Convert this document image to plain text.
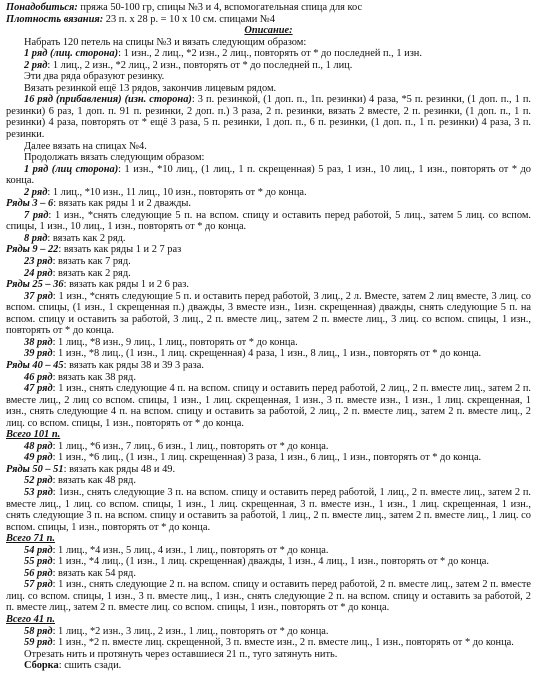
Понадобиться: пряжа 50-100 гр, спицы №3 и 4, вспомогательная спица для кос
Плотность вязания: 23 п. х 28 р. = 10 х 10 см. спицами №4
Описание:
Набрать 120 петель на спицы №3 и вязать следующим образом:
1 ряд (лиц. сторона): 1 изн., 2 лиц., *2 изн., 2 лиц., повторять от * до последней п., 1 изн.
2 ряд: 1 лиц., 2 изн., *2 лиц., 2 изн., повторять от * до последней п., 1 лиц.
Эти два ряда образуют резинку.
Вязать резинкой ещё 13 рядов, закончив лицевым рядом.
16 ряд (прибавления) (изн. сторона): 3 п. резинкой, (1 доп. п., 1п. резинки) 4 раза, *5 п. резинки, (1 доп. п., 1 п. резинки) 6 раз, 1 доп. п. 91 п. резинки, 2 доп. п.) 3 раза, 2 п. резинки, вязать 2 вместе, 2 п. резинки, (1 доп. п., 1 п. резинки) 4 раза, повторять от * ещё 3 раза, 5 п. резинки, 1 доп. п., 6 п. резинки, (1 доп. п., 1 п. резинки) 4 раза, 3 п. резинки.
Далее вязать на спицах №4.
Продолжать вязать следующим образом:
1 ряд (лиц сторона): 1 изн., *10 лиц., (1 лиц., 1 п. скрещенная) 5 раз, 1 изн., 10 лиц., 1 изн., повторять от * до конца.
2 ряд: 1 лиц., *10 изн., 11 лиц., 10 изн., повторять от * до конца.
Ряды 3 – 6: вязать как ряды 1 и 2 дважды.
7 ряд: 1 изн., *снять следующие 5 п. на вспом. спицу и оставить перед работой, 5 лиц., затем 5 лиц. со вспом. спицы, 1 изн., 10 лиц., 1 изн., повторять от * до конца.
8 ряд: вязать как 2 ряд.
Ряды 9 – 22: вязать как ряды 1 и 2 7 раз
23 ряд: вязать как 7 ряд.
24 ряд: вязать как 2 ряд.
Ряды 25 – 36: вязать как ряды 1 и 2 6 раз.
37 ряд: 1 изн., *снять следующие 5 п. и оставить перед работой, 3 лиц., 2 л. Вместе, затем 2 лиц вместе, 3 лиц. со вспом. спицы, (1 изн., 1 скрещенная п.) дважды, 3 вместе изн., 1изн. скрещенная) дважды, снять следующие 5 п. на вспом. спицу и оставить за работой, 3 лиц., 2 п. вместе лиц., затем 2 п. вместе лиц., 3 лиц. со вспом. спицы, 1 изн., повторять от * до конца.
38 ряд: 1 лиц., *8 изн., 9 лиц., 1 лиц., повторять от * до конца.
39 ряд: 1 изн., *8 лиц., (1 изн., 1 лиц. скрещенная) 4 раза, 1 изн., 8 лиц., 1 изн., повторять от * до конца.
Ряды 40 – 45: вязать как ряды 38 и 39 3 раза.
46 ряд: вязать как 38 ряд.
47 ряд: 1 изн., снять следующие 4 п. на вспом. спицу и оставить перед работой, 2 лиц., 2 п. вместе лиц., затем 2 п. вместе лиц., 2 лиц со вспом. спицы, 1 изн., 1 лиц. скрещенная, 1 изн., 3 п. вместе изн., 1 изн., 1 лиц. скрещенная, 1 изн., снять следующие 4 п. на вспом. спицу и оставить за работой, 2 лиц., 2 п. вместе лиц., затем 2 п. вместе лиц., 2 лиц. со вспом. спицы, 1 изн., повторять от * до конца.
Всего 101 п.
48 ряд: 1 лиц., *6 изн., 7 лиц., 6 изн., 1 лиц., повторять от * до конца.
49 ряд: 1 изн., *6 лиц., (1 изн., 1 лиц. скрещенная) 3 раза, 1 изн., 6 лиц., 1 изн., повторять от * до конца.
Ряды 50 – 51: вязать как ряды 48 и 49.
52 ряд: вязать как 48 ряд.
53 ряд: 1изн., снять следующие 3 п. на вспом. спицу и оставить перед работой, 1 лиц., 2 п. вместе лиц., затем 2 п. вместе лиц., 1 лиц. со вспом. спицы, 1 изн., 1 лиц. скрещенная, 3 п. вместе изн., 1 изн., 1 лиц. скрещенная, 1 изн., снять следующие 3 п. на вспом. спицу и оставить за работой, 1 лиц., 2 п. вместе лиц., затем 2 п. вместе лиц., 1 лиц. со вспом. спицы, 1 изн., повторять от * до конца.
Всего 71 п.
54 ряд: 1 лиц., *4 изн., 5 лиц., 4 изн., 1 лиц., повторять от * до конца.
55 ряд: 1 изн., *4 лиц., (1 изн., 1 лиц. скрещенная) дважды, 1 изн., 4 лиц., 1 изн., повторять от * до конца.
56 ряд: вязать как 54 ряд.
57 ряд: 1 изн., снять следующие 2 п. на вспом. спицу и оставить перед работой, 2 п. вместе лиц., затем 2 п. вместе лиц. со вспом. спицы, 1 изн., 3 п. вместе лиц., 1 изн., снять следующие 2 п. на вспом. спицу и оставить за работой, 2 п. вместе лиц., затем 2 п. вместе лиц. со вспом. спицы, 1 изн., повторять от * до конца.
Всего 41 п.
58 ряд: 1 лиц., *2 изн., 3 лиц., 2 изн., 1 лиц., повторять от * до конца.
59 ряд: 1 изн., *2 п. вместе лиц. скрещенной, 3 п. вместе изн., 2 п. вместе лиц., 1 изн., повторять от * до конца.
Отрезать нить и протянуть через оставшиеся 21 п., туго затянуть нить.
Сборка: сшить сзади.
